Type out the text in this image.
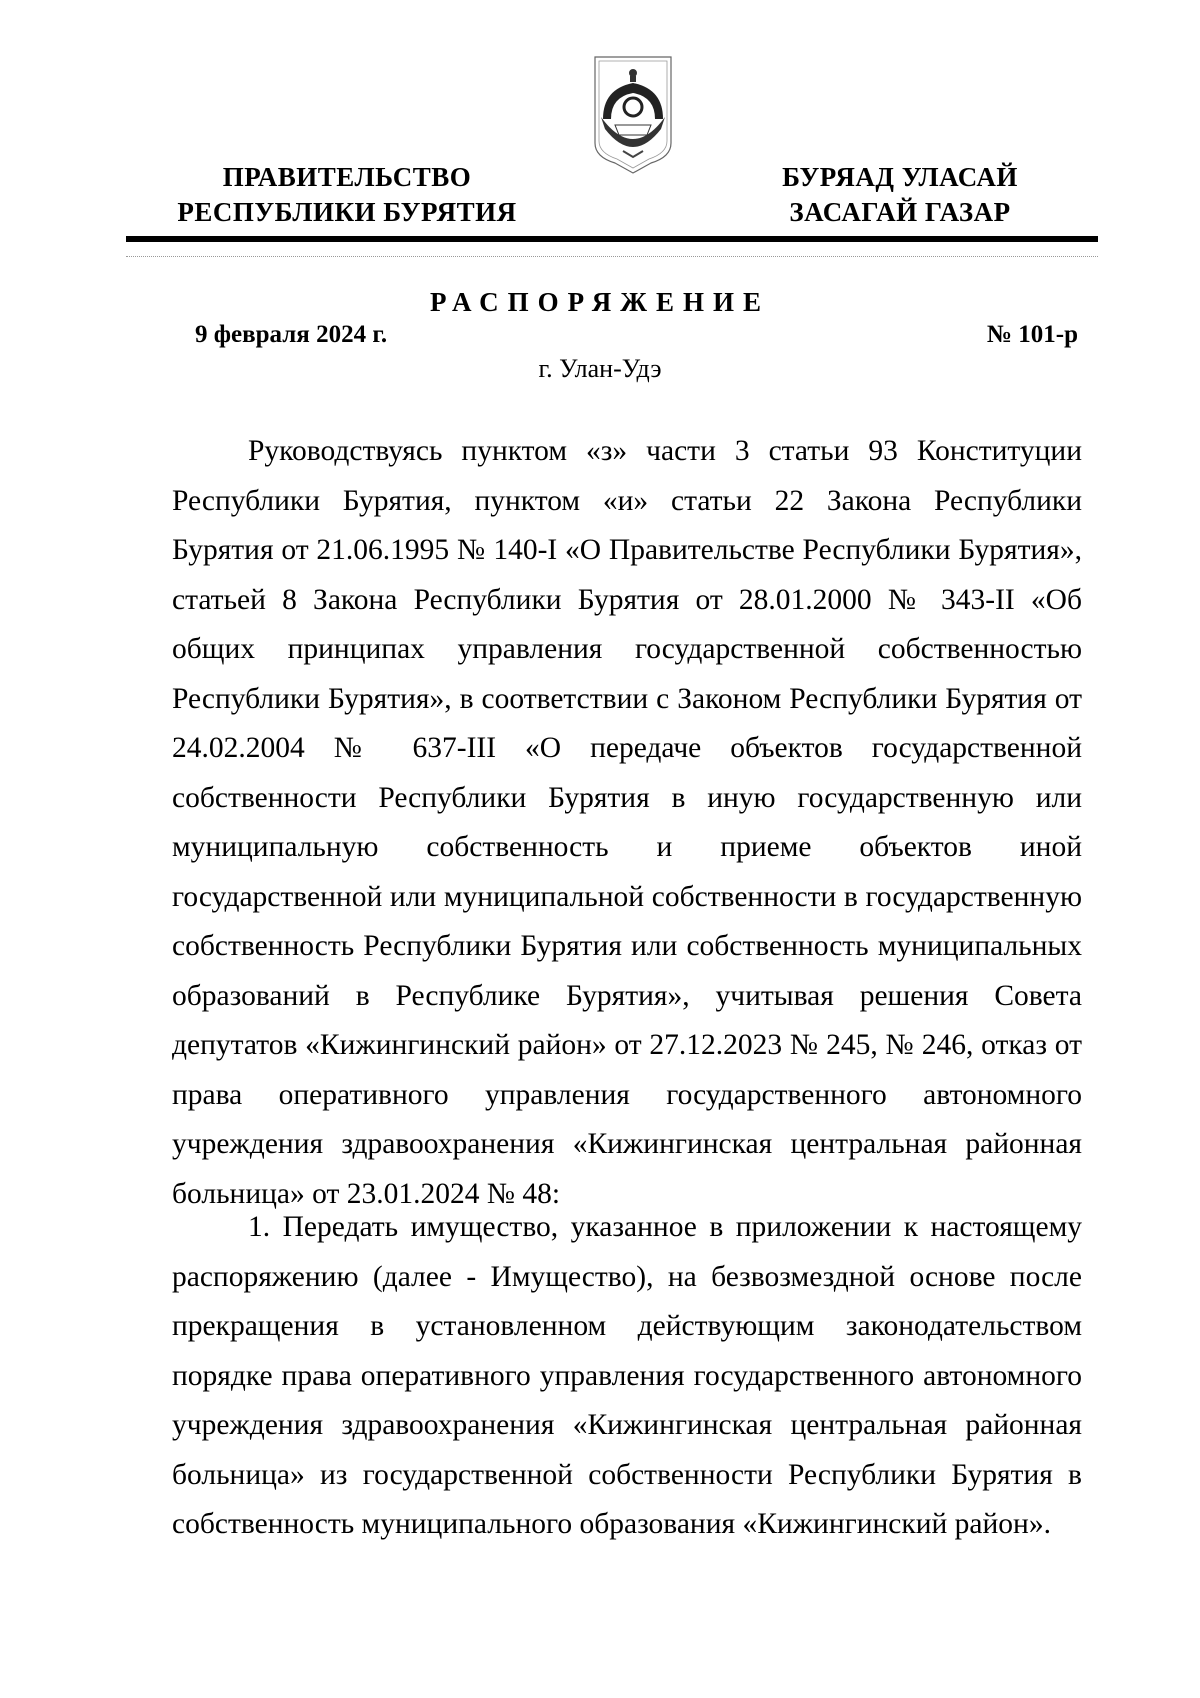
ПРАВИТЕЛЬСТВО
РЕСПУБЛИКИ БУРЯТИЯ
БУРЯАД УЛАСАЙ
ЗАСАГАЙ ГАЗАР
РАСПОРЯЖЕНИЕ
9 февраля 2024 г.	№ 101-р
г. Улан-Удэ

Руководствуясь пунктом «з» части 3 статьи 93 Конституции Республики Бурятия, пунктом «и» статьи 22 Закона Республики Бурятия от 21.06.1995 № 140-I «О Правительстве Республики Бурятия», статьей 8 Закона Республики Бурятия от 28.01.2000 № 343-II «Об общих принципах управления государственной собственностью Республики Бурятия», в соответствии с Законом Республики Бурятия от 24.02.2004 № 637-III «О передаче объектов государственной собственности Республики Бурятия в иную государственную или муниципальную собственность и приеме объектов иной государственной или муниципальной собственности в государственную собственность Республики Бурятия или собственность муниципальных образований в Республике Бурятия», учитывая решения Совета депутатов «Кижингинский район» от 27.12.2023 № 245, № 246, отказ от права оперативного управления государственного автономного учреждения здравоохранения «Кижингинская центральная районная больница» от 23.01.2024 № 48:

1. Передать имущество, указанное в приложении к настоящему распоряжению (далее - Имущество), на безвозмездной основе после прекращения в установленном действующим законодательством порядке права оперативного управления государственного автономного учреждения здравоохранения «Кижингинская центральная районная больница» из государственной собственности Республики Бурятия в собственность муниципального образования «Кижингинский район».
